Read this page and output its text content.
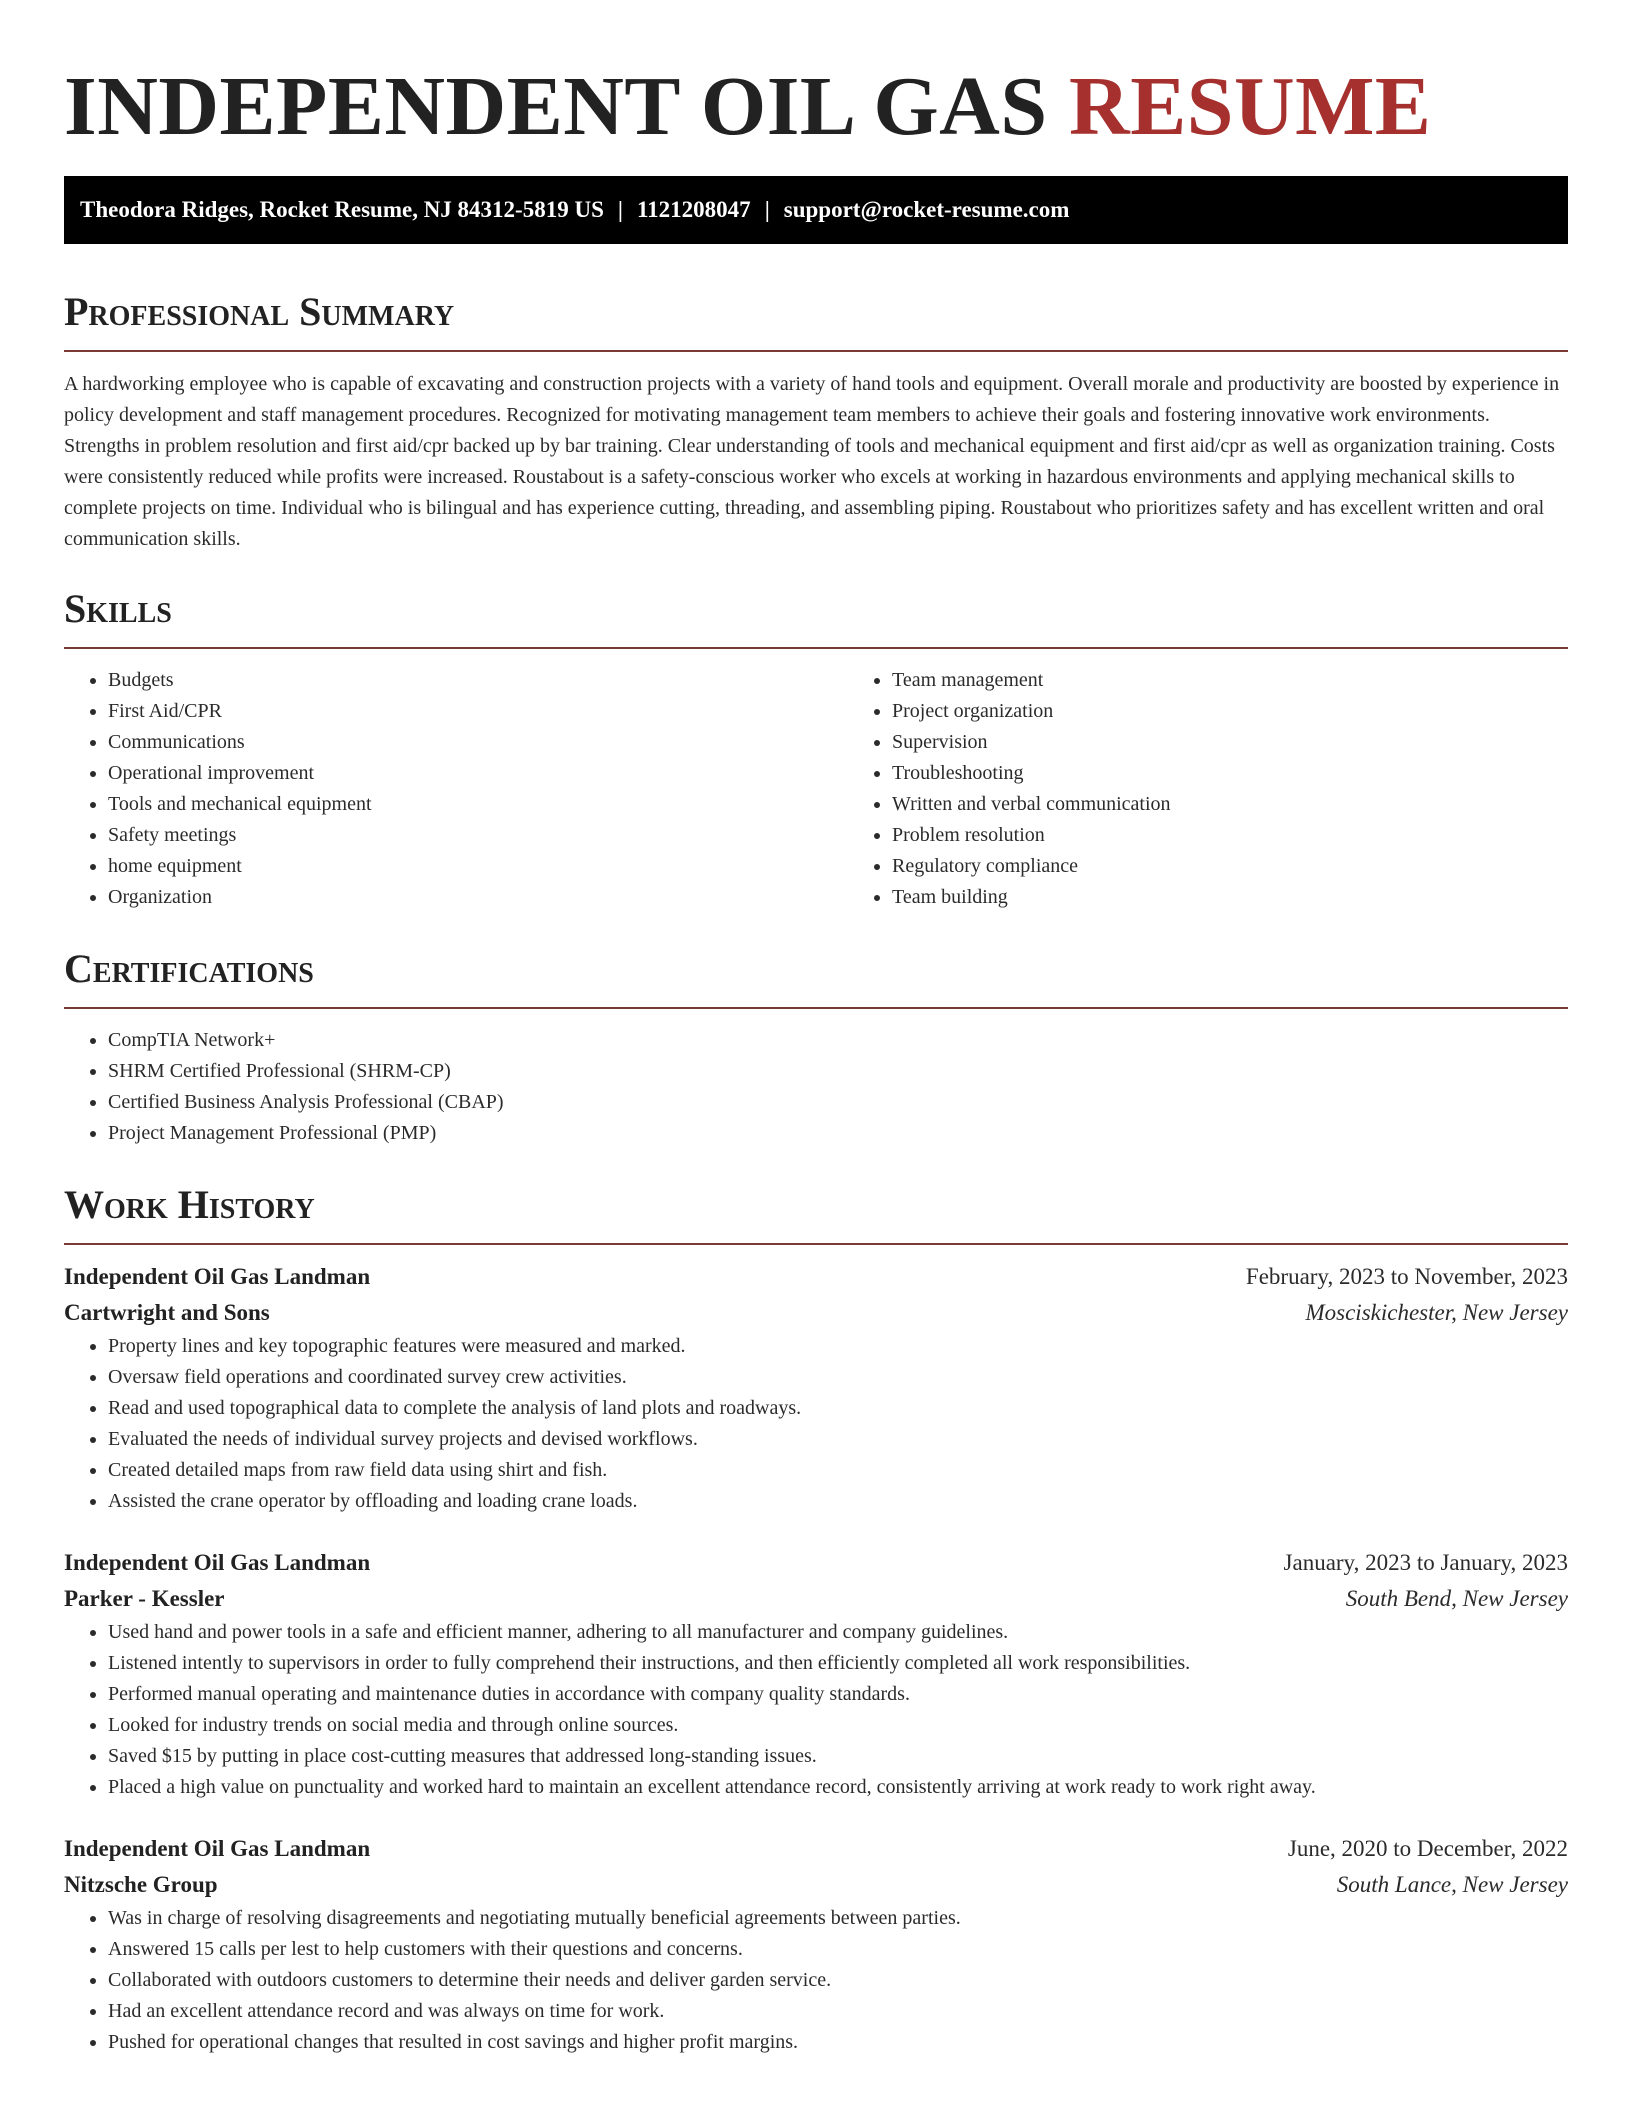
INDEPENDENT OIL GAS RESUME
Theodora Ridges, Rocket Resume, NJ 84312-5819 US | 1121208047 | support@rocket-resume.com
Professional Summary

A hardworking employee who is capable of excavating and construction projects with a variety of hand tools and equipment. Overall morale and productivity are boosted by experience in policy development and staff management procedures. Recognized for motivating management team members to achieve their goals and fostering innovative work environments. Strengths in problem resolution and first aid/cpr backed up by bar training. Clear understanding of tools and mechanical equipment and first aid/cpr as well as organization training. Costs were consistently reduced while profits were increased. Roustabout is a safety-conscious worker who excels at working in hazardous environments and applying mechanical skills to complete projects on time. Individual who is bilingual and has experience cutting, threading, and assembling piping. Roustabout who prioritizes safety and has excellent written and oral communication skills.

Skills
• Budgets
• First Aid/CPR
• Communications
• Operational improvement
• Tools and mechanical equipment
• Safety meetings
• home equipment
• Organization
• Team management
• Project organization
• Supervision
• Troubleshooting
• Written and verbal communication
• Problem resolution
• Regulatory compliance
• Team building
Certifications
• CompTIA Network+
• SHRM Certified Professional (SHRM-CP)
• Certified Business Analysis Professional (CBAP)
• Project Management Professional (PMP)
Work History
Independent Oil Gas Landman	February, 2023 to November, 2023
Cartwright and Sons	Mosciskichester, New Jersey
• Property lines and key topographic features were measured and marked.
• Oversaw field operations and coordinated survey crew activities.
• Read and used topographical data to complete the analysis of land plots and roadways.
• Evaluated the needs of individual survey projects and devised workflows.
• Created detailed maps from raw field data using shirt and fish.
• Assisted the crane operator by offloading and loading crane loads.
Independent Oil Gas Landman	January, 2023 to January, 2023
Parker - Kessler	South Bend, New Jersey
• Used hand and power tools in a safe and efficient manner, adhering to all manufacturer and company guidelines.
• Listened intently to supervisors in order to fully comprehend their instructions, and then efficiently completed all work responsibilities.
• Performed manual operating and maintenance duties in accordance with company quality standards.
• Looked for industry trends on social media and through online sources.
• Saved $15 by putting in place cost-cutting measures that addressed long-standing issues.
• Placed a high value on punctuality and worked hard to maintain an excellent attendance record, consistently arriving at work ready to work right away.
Independent Oil Gas Landman	June, 2020 to December, 2022
Nitzsche Group	South Lance, New Jersey
• Was in charge of resolving disagreements and negotiating mutually beneficial agreements between parties.
• Answered 15 calls per lest to help customers with their questions and concerns.
• Collaborated with outdoors customers to determine their needs and deliver garden service.
• Had an excellent attendance record and was always on time for work.
• Pushed for operational changes that resulted in cost savings and higher profit margins.
